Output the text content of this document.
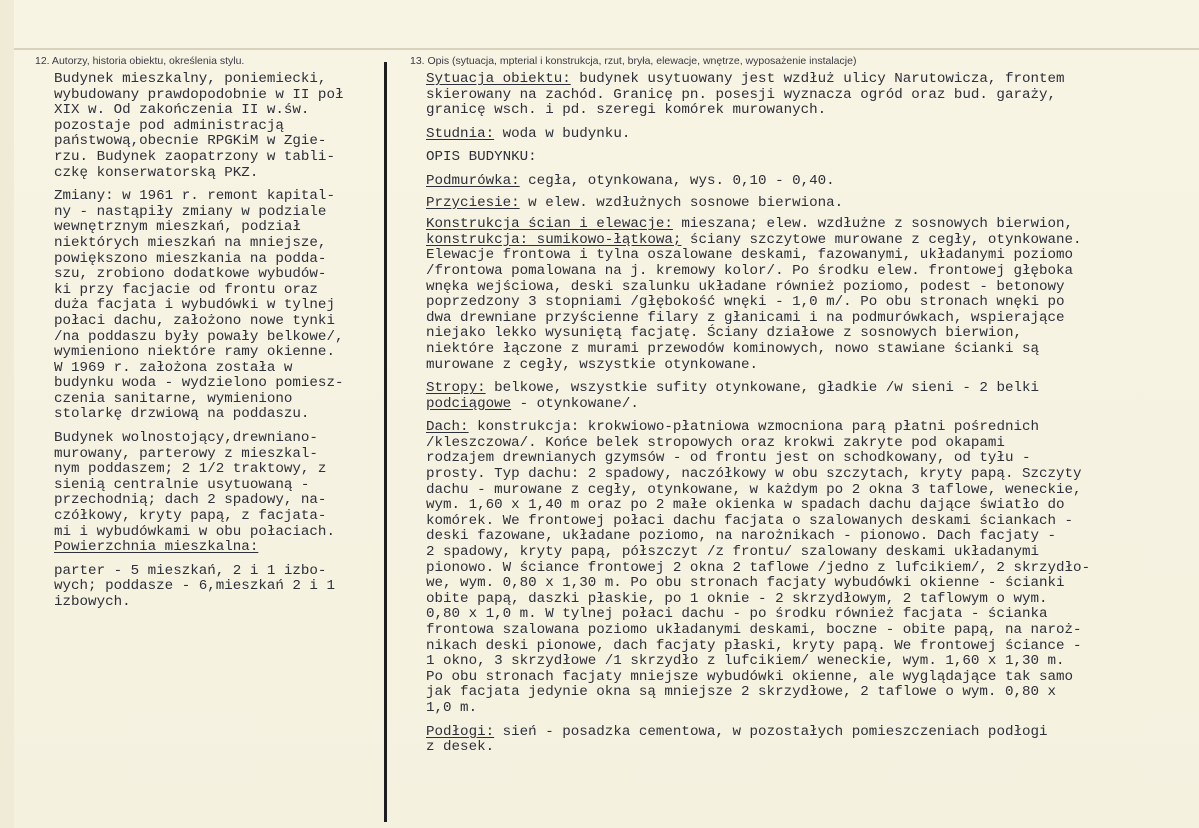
12. Autorzy, historia obiektu, określenia stylu.	13. Opis (sytuacja, mpterial i konstrukcja, rzut, bryła, elewacje, wnętrze, wyposażenie instalacje)

Budynek mieszkalny, poniemiecki,
wybudowany prawdopodobnie w II poł
XIX w. Od zakończenia II w.św.
pozostaje pod administracją
państwową,obecnie RPGKiM w Zgie-
rzu. Budynek zaopatrzony w tabli-
czkę konserwatorską PKZ.

Zmiany: w 1961 r. remont kapital-
ny - nastąpiły zmiany w podziale
wewnętrznym mieszkań, podział
niektórych mieszkań na mniejsze,
powiększono mieszkania na podda-
szu, zrobiono dodatkowe wybudów-
ki przy facjacie od frontu oraz
duża facjata i wybudówki w tylnej
połaci dachu, założono nowe tynki
/na poddaszu były powały belkowe/,
wymieniono niektóre ramy okienne.
W 1969 r. założona została w
budynku woda - wydzielono pomiesz-
czenia sanitarne, wymieniono
stolarkę drzwiową na poddaszu.

Budynek wolnostojący,drewniano-
murowany, parterowy z mieszkal-
nym poddaszem; 2 1/2 traktowy, z
sienią centralnie usytuowaną -
przechodnią; dach 2 spadowy, na-
czółkowy, kryty papą, z facjata-
mi i wybudówkami w obu połaciach.

Powierzchnia mieszkalna:

parter - 5 mieszkań, 2 i 1 izbo-
wych; poddasze - 6,mieszkań 2 i 1
izbowych.

Sytuacja obiektu: budynek usytuowany jest wzdłuż ulicy Narutowicza, frontem
skierowany na zachód. Granicę pn. posesji wyznacza ogród oraz bud. garaży,
granicę wsch. i pd. szeregi komórek murowanych.

Studnia: woda w budynku.

OPIS BUDYNKU:

Podmurówka: cegła, otynkowana, wys. 0,10 - 0,40.

Przyciesie: w elew. wzdłużnych sosnowe bierwiona.

Konstrukcja ścian i elewacje: mieszana; elew. wzdłużne z sosnowych bierwion,
konstrukcja: sumikowo-łątkowa; ściany szczytowe murowane z cegły, otynkowane.
Elewacje frontowa i tylna oszalowane deskami, fazowanymi, układanymi poziomo
/frontowa pomalowana na j. kremowy kolor/. Po środku elew. frontowej głęboka
wnęka wejściowa, deski szalunku układane również poziomo, podest - betonowy
poprzedzony 3 stopniami /głębokość wnęki - 1,0 m/. Po obu stronach wnęki po
dwa drewniane przyścienne filary z głanicami i na podmurówkach, wspierające
niejako lekko wysuniętą facjatę. Ściany działowe z sosnowych bierwion,
niektóre łączone z murami przewodów kominowych, nowo stawiane ścianki są
murowane z cegły, wszystkie otynkowane.

Stropy: belkowe, wszystkie sufity otynkowane, gładkie /w sieni - 2 belki
podciągowe - otynkowane/.

Dach: konstrukcja: krokwiowo-płatniowa wzmocniona parą płatni pośrednich
/kleszczowa/. Końce belek stropowych oraz krokwi zakryte pod okapami
rodzajem drewnianych gzymsów - od frontu jest on schodkowany, od tyłu -
prosty. Typ dachu: 2 spadowy, naczółkowy w obu szczytach, kryty papą. Szczyty
dachu - murowane z cegły, otynkowane, w każdym po 2 okna 3 taflowe, weneckie,
wym. 1,60 x 1,40 m oraz po 2 małe okienka w spadach dachu dające światło do
komórek. We frontowej połaci dachu facjata o szalowanych deskami ściankach -
deski fazowane, układane poziomo, na narożnikach - pionowo. Dach facjaty -
2 spadowy, kryty papą, półszczyt /z frontu/ szalowany deskami układanymi
pionowo. W ściance frontowej 2 okna 2 taflowe /jedno z lufcikiem/, 2 skrzydło-
we, wym. 0,80 x 1,30 m. Po obu stronach facjaty wybudówki okienne - ścianki
obite papą, daszki płaskie, po 1 oknie - 2 skrzydłowym, 2 taflowym o wym.
0,80 x 1,0 m. W tylnej połaci dachu - po środku również facjata - ścianka
frontowa szalowana poziomo układanymi deskami, boczne - obite papą, na naroż-
nikach deski pionowe, dach facjaty płaski, kryty papą. We frontowej ściance -
1 okno, 3 skrzydłowe /1 skrzydło z lufcikiem/ weneckie, wym. 1,60 x 1,30 m.
Po obu stronach facjaty mniejsze wybudówki okienne, ale wyglądające tak samo
jak facjata jedynie okna są mniejsze 2 skrzydłowe, 2 taflowe o wym. 0,80 x
1,0 m.

Podłogi: sień - posadzka cementowa, w pozostałych pomieszczeniach podłogi
z desek.
